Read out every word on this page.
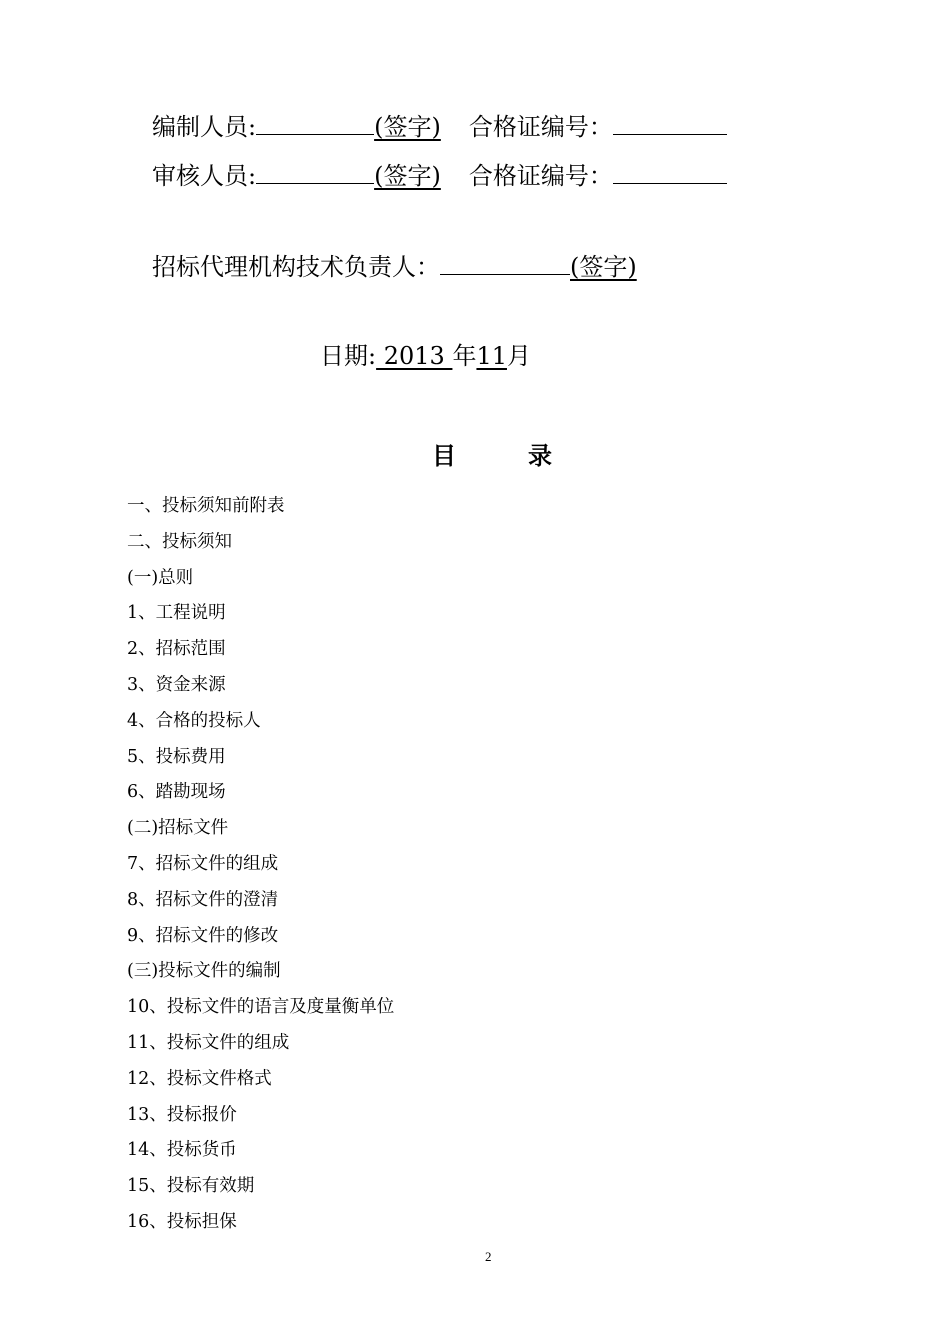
编制人员:	(签字) 合格证编号：
审核人员:	(签字) 合格证编号：
招标代理机构技术负责人：	(签字)
日期: 2013 年11月
目	录
一、投标须知前附表
二、投标须知
(一)总则
1、工程说明
2、招标范围
3、资金来源
4、合格的投标人
5、投标费用
6、踏勘现场
(二)招标文件
7、招标文件的组成
8、招标文件的澄清
9、招标文件的修改
(三)投标文件的编制
10、投标文件的语言及度量衡单位
11、投标文件的组成
12、投标文件格式
13、投标报价
14、投标货币
15、投标有效期
16、投标担保
2
